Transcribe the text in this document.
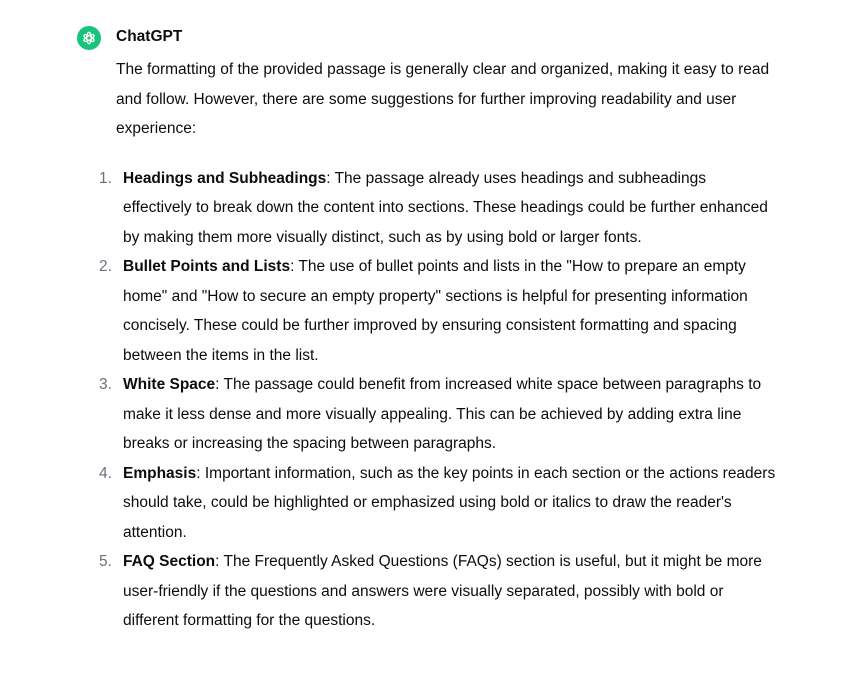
ChatGPT

The formatting of the provided passage is generally clear and organized, making it easy to read and follow. However, there are some suggestions for further improving readability and user experience:

1. Headings and Subheadings: The passage already uses headings and subheadings effectively to break down the content into sections. These headings could be further enhanced by making them more visually distinct, such as by using bold or larger fonts.
2. Bullet Points and Lists: The use of bullet points and lists in the "How to prepare an empty home" and "How to secure an empty property" sections is helpful for presenting information concisely. These could be further improved by ensuring consistent formatting and spacing between the items in the list.
3. White Space: The passage could benefit from increased white space between paragraphs to make it less dense and more visually appealing. This can be achieved by adding extra line breaks or increasing the spacing between paragraphs.
4. Emphasis: Important information, such as the key points in each section or the actions readers should take, could be highlighted or emphasized using bold or italics to draw the reader's attention.
5. FAQ Section: The Frequently Asked Questions (FAQs) section is useful, but it might be more user-friendly if the questions and answers were visually separated, possibly with bold or different formatting for the questions.
